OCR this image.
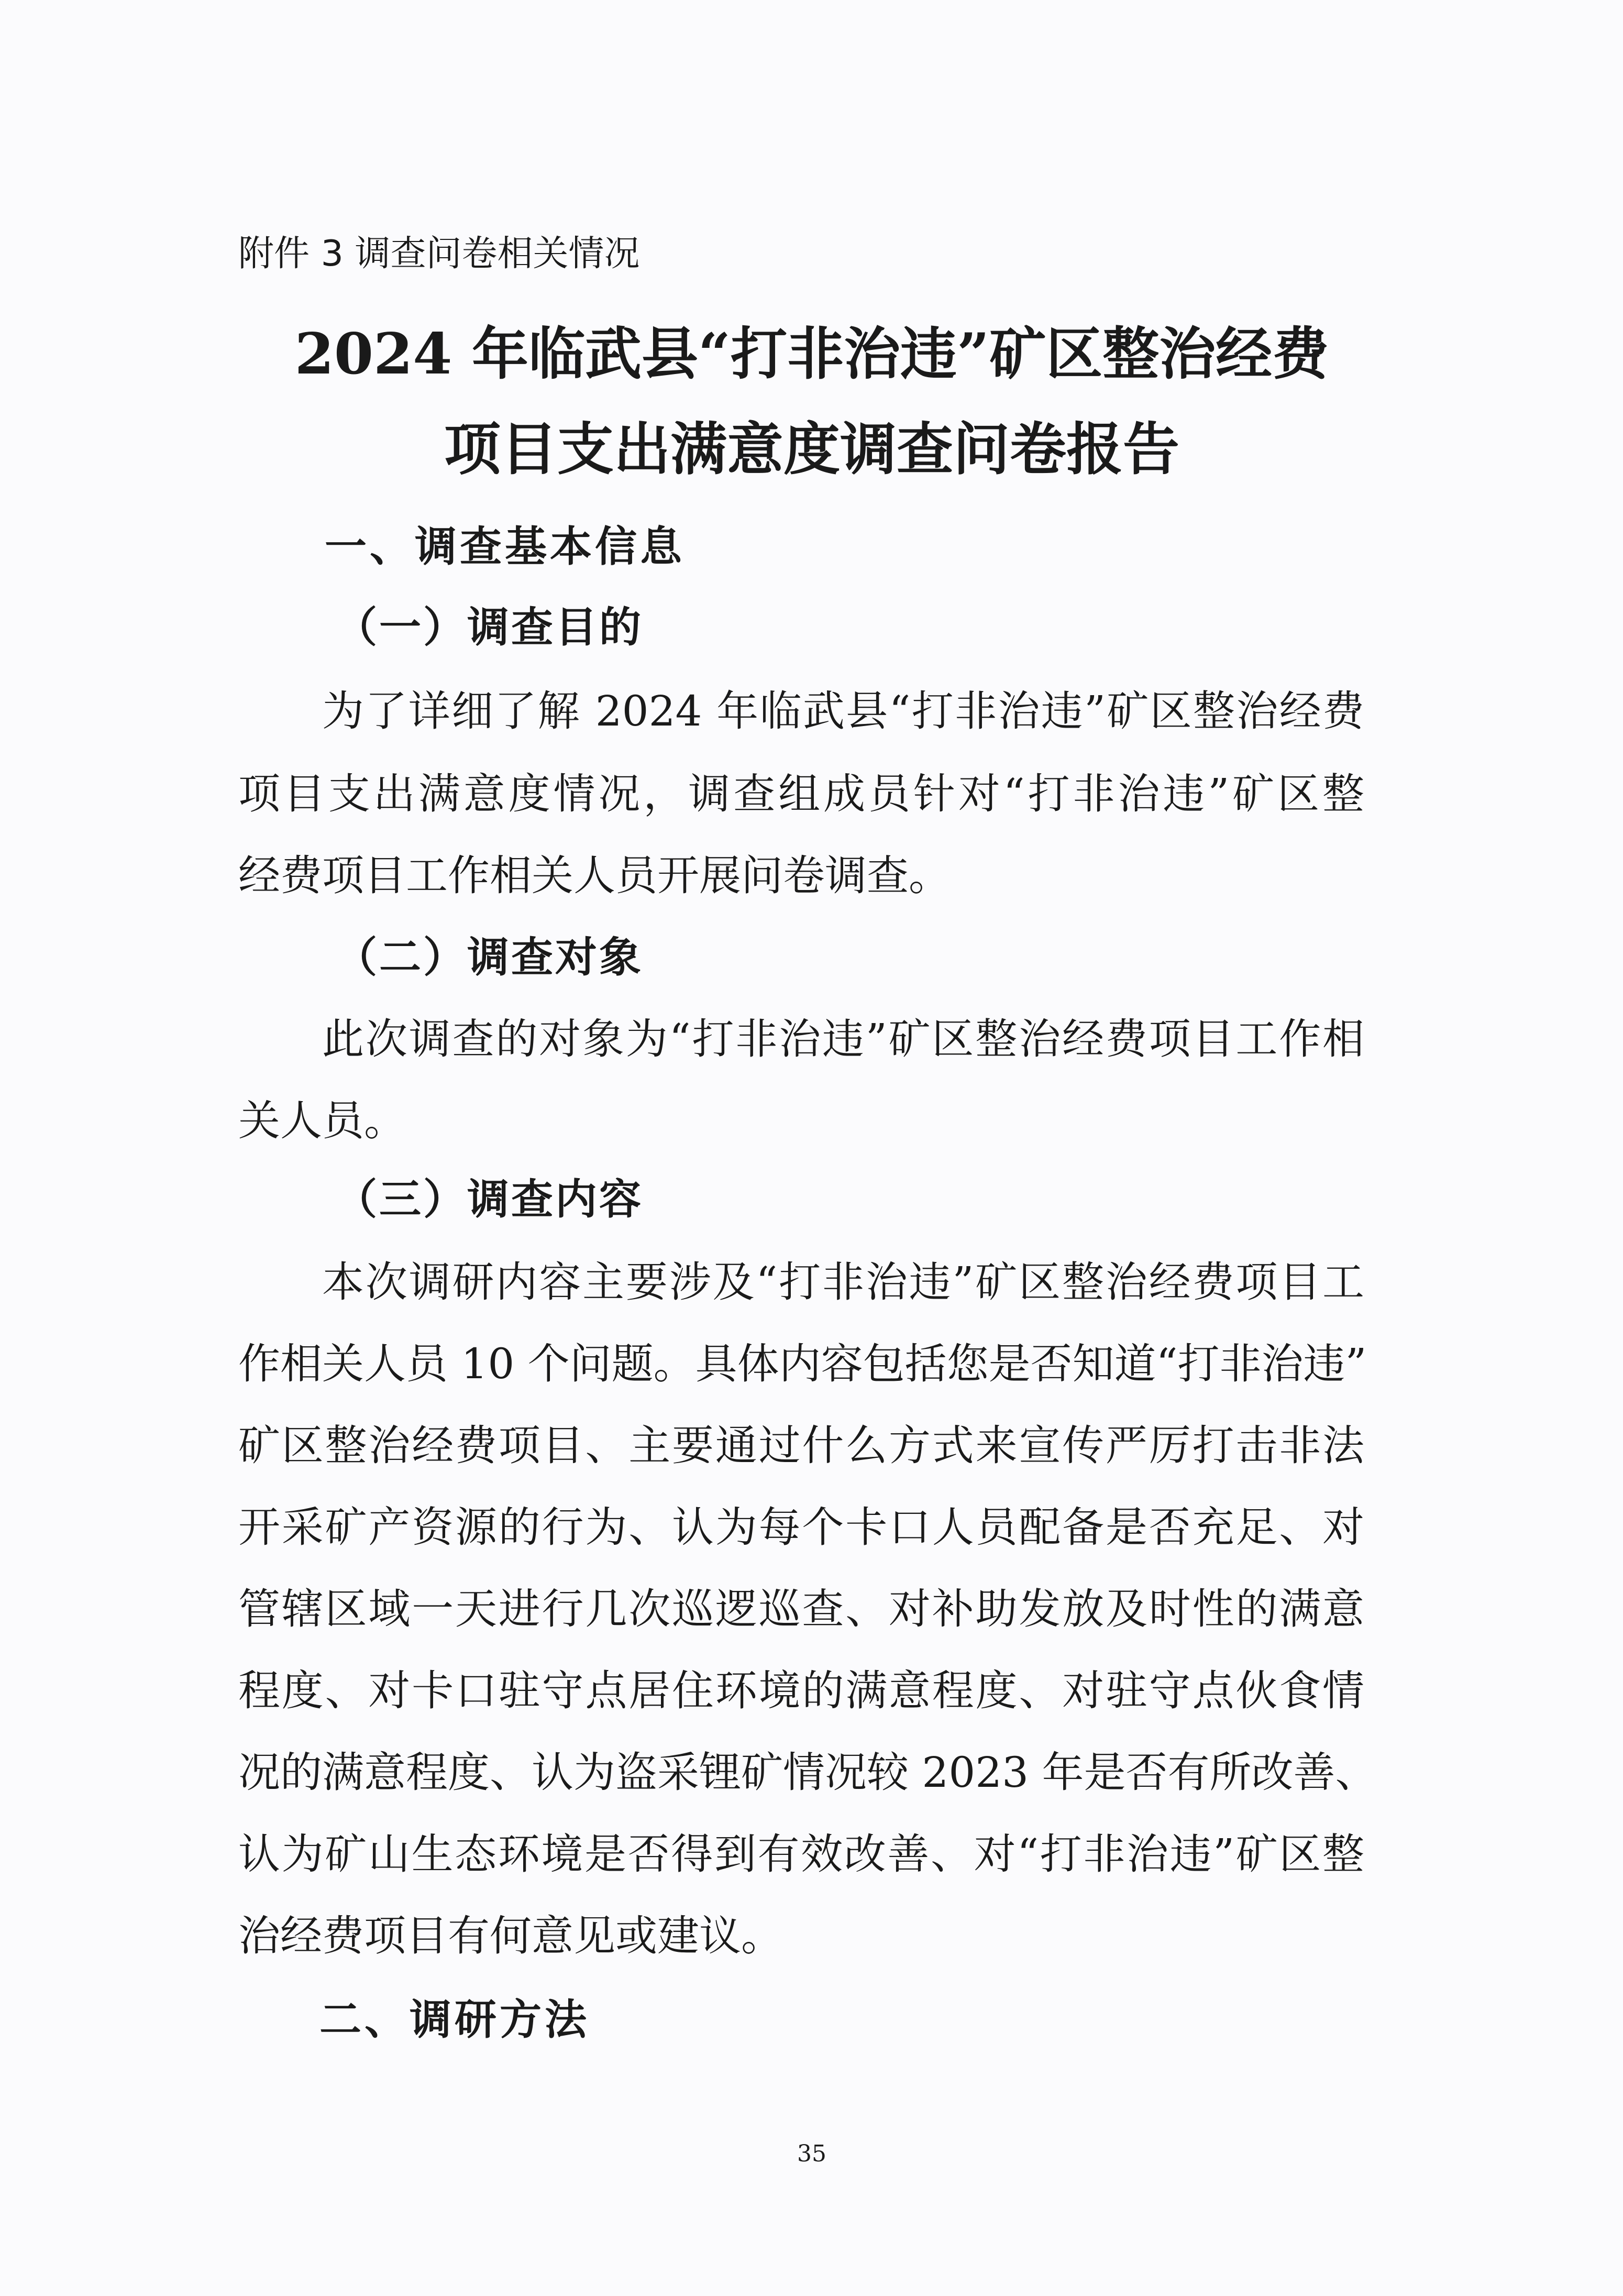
附件 3 调查问卷相关情况
2024 年临武县“打非治违”矿区整治经费
项目支出满意度调查问卷报告
一、调查基本信息
（一）调查目的
为了详细了解 2024 年临武县“打非治违”矿区整治经费
项目支出满意度情况，调查组成员针对“打非治违”矿区整
经费项目工作相关人员开展问卷调查。
（二）调查对象
此次调查的对象为“打非治违”矿区整治经费项目工作相
关人员。
（三）调查内容
本次调研内容主要涉及“打非治违”矿区整治经费项目工
作相关人员 10 个问题。具体内容包括您是否知道“打非治违”
矿区整治经费项目、主要通过什么方式来宣传严厉打击非法
开采矿产资源的行为、认为每个卡口人员配备是否充足、对
管辖区域一天进行几次巡逻巡查、对补助发放及时性的满意
程度、对卡口驻守点居住环境的满意程度、对驻守点伙食情
况的满意程度、认为盗采锂矿情况较 2023 年是否有所改善、
认为矿山生态环境是否得到有效改善、对“打非治违”矿区整
治经费项目有何意见或建议。
二、调研方法
35
